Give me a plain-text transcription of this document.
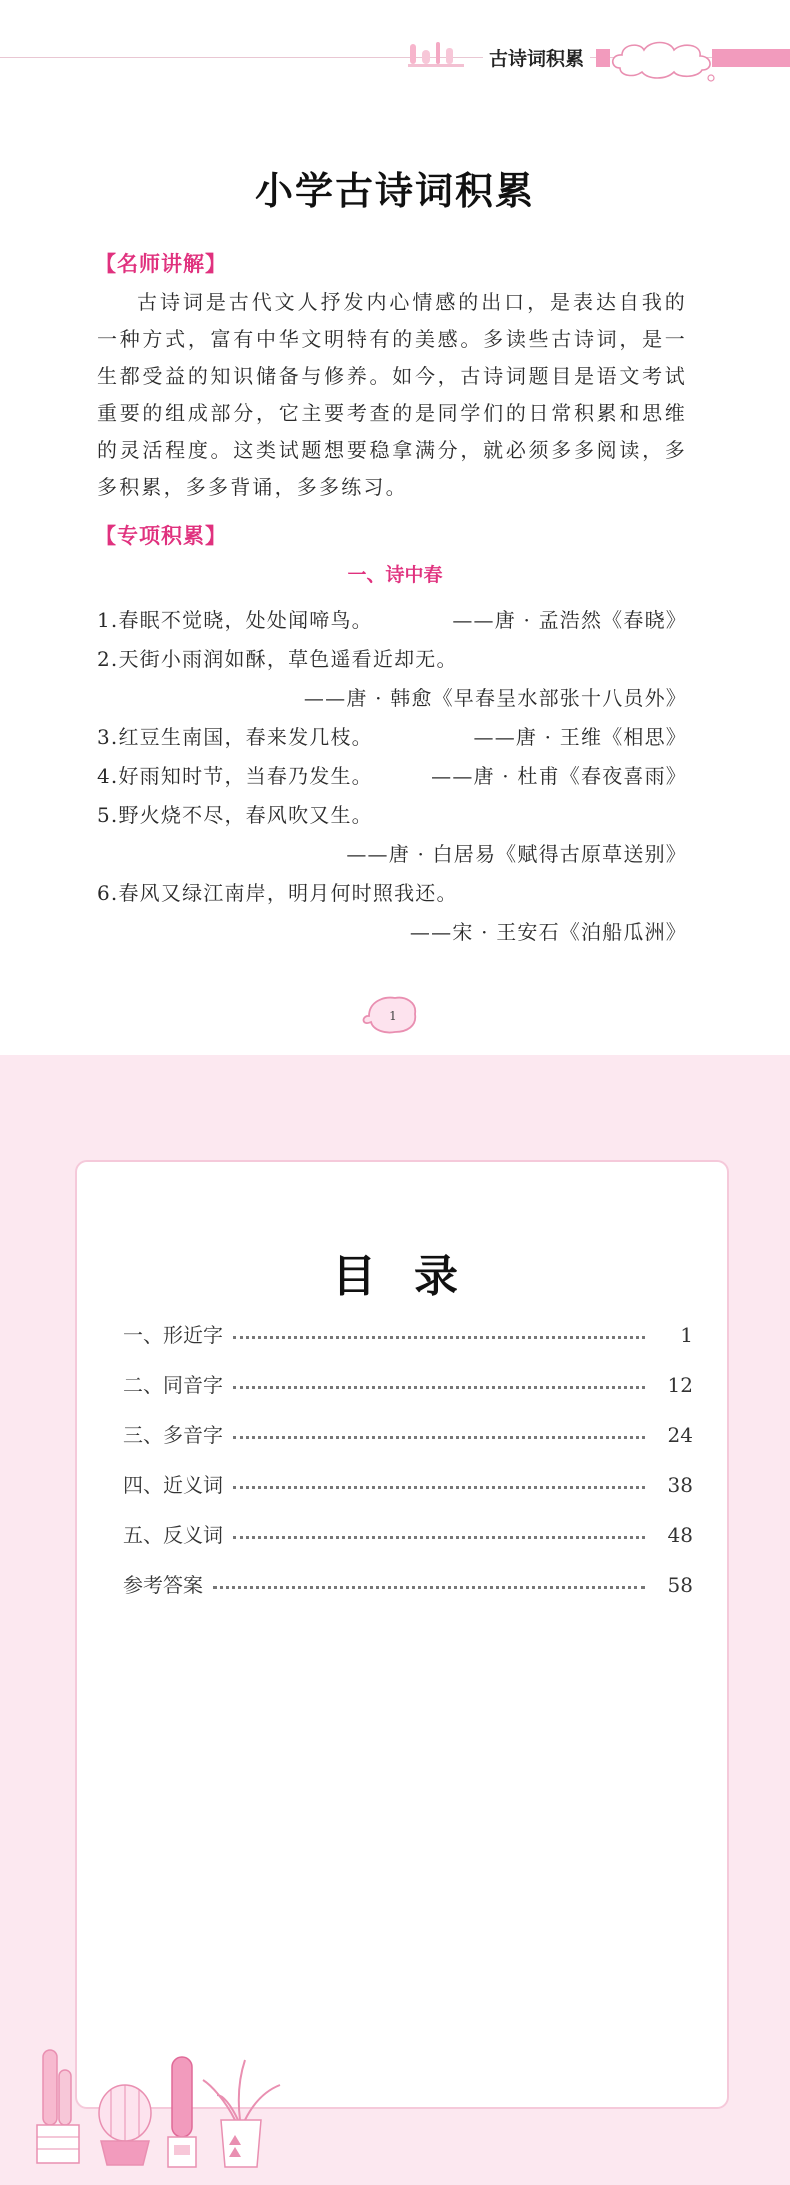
古诗词积累
小学古诗词积累
【名师讲解】

古诗词是古代文人抒发内心情感的出口，是表达自我的一种方式，富有中华文明特有的美感。多读些古诗词，是一生都受益的知识储备与修养。如今，古诗词题目是语文考试重要的组成部分，它主要考查的是同学们的日常积累和思维的灵活程度。这类试题想要稳拿满分，就必须多多阅读，多多积累，多多背诵，多多练习。

【专项积累】
一、诗中春
1.春眠不觉晓，处处闻啼鸟。	——唐 · 孟浩然《春晓》
2.天街小雨润如酥，草色遥看近却无。
——唐 · 韩愈《早春呈水部张十八员外》
3.红豆生南国，春来发几枝。	——唐 · 王维《相思》
4.好雨知时节，当春乃发生。	——唐 · 杜甫《春夜喜雨》
5.野火烧不尽，春风吹又生。
——唐 · 白居易《赋得古原草送别》
6.春风又绿江南岸，明月何时照我还。
——宋 · 王安石《泊船瓜洲》
1
目录
一、形近字	1
二、同音字	12
三、多音字	24
四、近义词	38
五、反义词	48
参考答案	58
